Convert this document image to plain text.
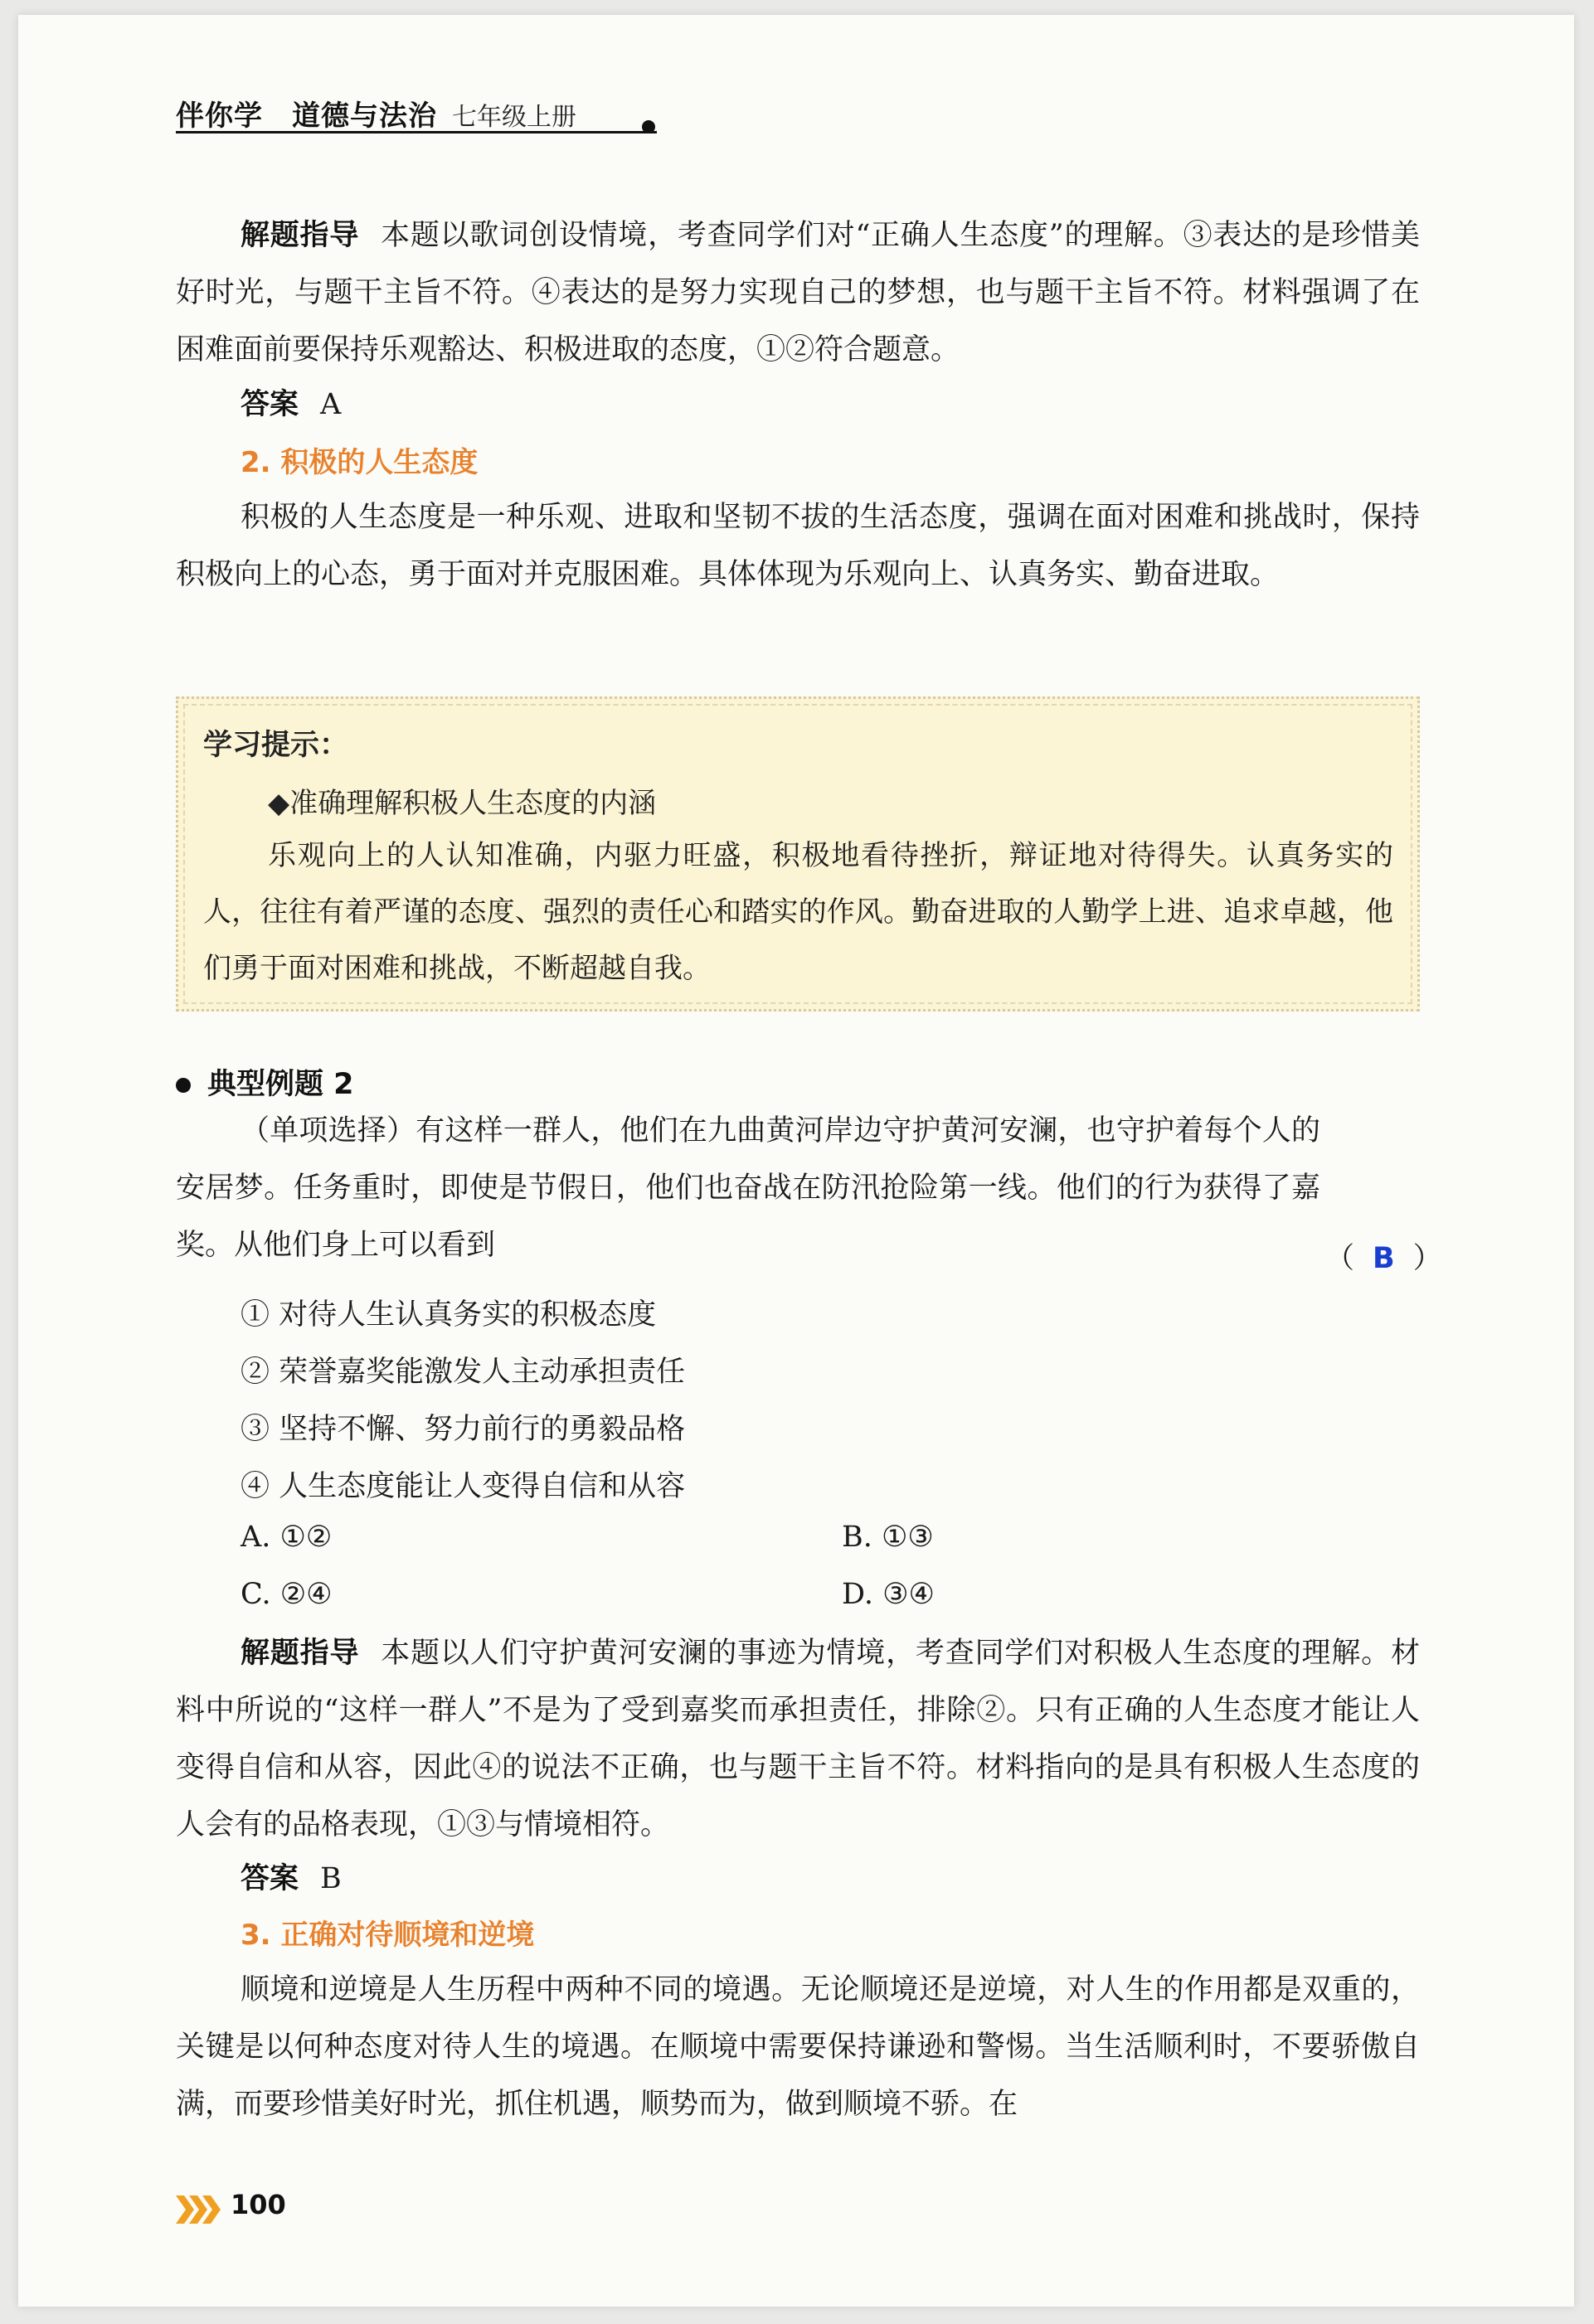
伴你学　道德与法治 七年级上册
解题指导 本题以歌词创设情境，考查同学们对“正确人生态度”的理解。③表达的是珍惜美好时光，与题干主旨不符。④表达的是努力实现自己的梦想，也与题干主旨不符。材料强调了在困难面前要保持乐观豁达、积极进取的态度，①②符合题意。
答案 A
2. 积极的人生态度
积极的人生态度是一种乐观、进取和坚韧不拔的生活态度，强调在面对困难和挑战时，保持积极向上的心态，勇于面对并克服困难。具体体现为乐观向上、认真务实、勤奋进取。
学习提示：
◆准确理解积极人生态度的内涵
乐观向上的人认知准确，内驱力旺盛，积极地看待挫折，辩证地对待得失。认真务实的人，往往有着严谨的态度、强烈的责任心和踏实的作风。勤奋进取的人勤学上进、追求卓越，他们勇于面对困难和挑战，不断超越自我。
典型例题 2
（单项选择）有这样一群人，他们在九曲黄河岸边守护黄河安澜，也守护着每个人的安居梦。任务重时，即使是节假日，他们也奋战在防汛抢险第一线。他们的行为获得了嘉奖。从他们身上可以看到	（ B ）
① 对待人生认真务实的积极态度
② 荣誉嘉奖能激发人主动承担责任
③ 坚持不懈、努力前行的勇毅品格
④ 人生态度能让人变得自信和从容
A. ①②	B. ①③
C. ②④	D. ③④
解题指导 本题以人们守护黄河安澜的事迹为情境，考查同学们对积极人生态度的理解。材料中所说的“这样一群人”不是为了受到嘉奖而承担责任，排除②。只有正确的人生态度才能让人变得自信和从容，因此④的说法不正确，也与题干主旨不符。材料指向的是具有积极人生态度的人会有的品格表现，①③与情境相符。
答案 B
3. 正确对待顺境和逆境
顺境和逆境是人生历程中两种不同的境遇。无论顺境还是逆境，对人生的作用都是双重的，关键是以何种态度对待人生的境遇。在顺境中需要保持谦逊和警惕。当生活顺利时，不要骄傲自满，而要珍惜美好时光，抓住机遇，顺势而为，做到顺境不骄。在
100
